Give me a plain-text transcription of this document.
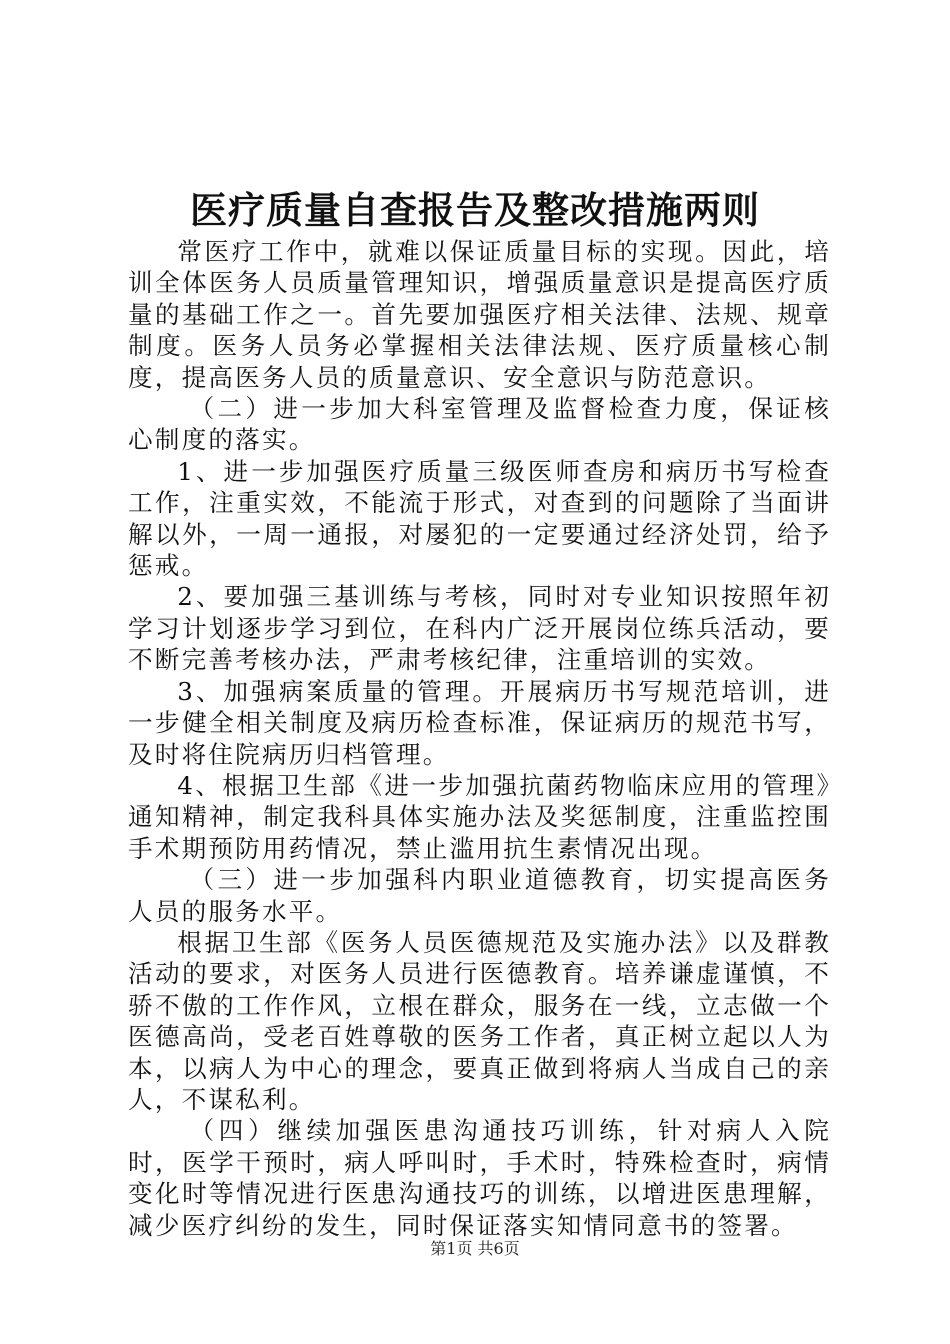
医疗质量自查报告及整改措施两则

常医疗工作中，就难以保证质量目标的实现。因此，培训全体医务人员质量管理知识，增强质量意识是提高医疗质量的基础工作之一。首先要加强医疗相关法律、法规、规章制度。医务人员务必掌握相关法律法规、医疗质量核心制度，提高医务人员的质量意识、安全意识与防范意识。

（二）进一步加大科室管理及监督检查力度，保证核心制度的落实。

1、进一步加强医疗质量三级医师查房和病历书写检查工作，注重实效，不能流于形式，对查到的问题除了当面讲解以外，一周一通报，对屡犯的一定要通过经济处罚，给予惩戒。

2、要加强三基训练与考核，同时对专业知识按照年初学习计划逐步学习到位，在科内广泛开展岗位练兵活动，要不断完善考核办法，严肃考核纪律，注重培训的实效。

3、加强病案质量的管理。开展病历书写规范培训，进一步健全相关制度及病历检查标准，保证病历的规范书写，及时将住院病历归档管理。

4、根据卫生部《进一步加强抗菌药物临床应用的管理》通知精神，制定我科具体实施办法及奖惩制度，注重监控围手术期预防用药情况，禁止滥用抗生素情况出现。

（三）进一步加强科内职业道德教育，切实提高医务人员的服务水平。

根据卫生部《医务人员医德规范及实施办法》以及群教活动的要求，对医务人员进行医德教育。培养谦虚谨慎，不骄不傲的工作作风，立根在群众，服务在一线，立志做一个医德高尚，受老百姓尊敬的医务工作者，真正树立起以人为本，以病人为中心的理念，要真正做到将病人当成自己的亲人，不谋私利。

（四）继续加强医患沟通技巧训练，针对病人入院时，医学干预时，病人呼叫时，手术时，特殊检查时，病情变化时等情况进行医患沟通技巧的训练，以增进医患理解，减少医疗纠纷的发生，同时保证落实知情同意书的签署。

第1页 共6页
